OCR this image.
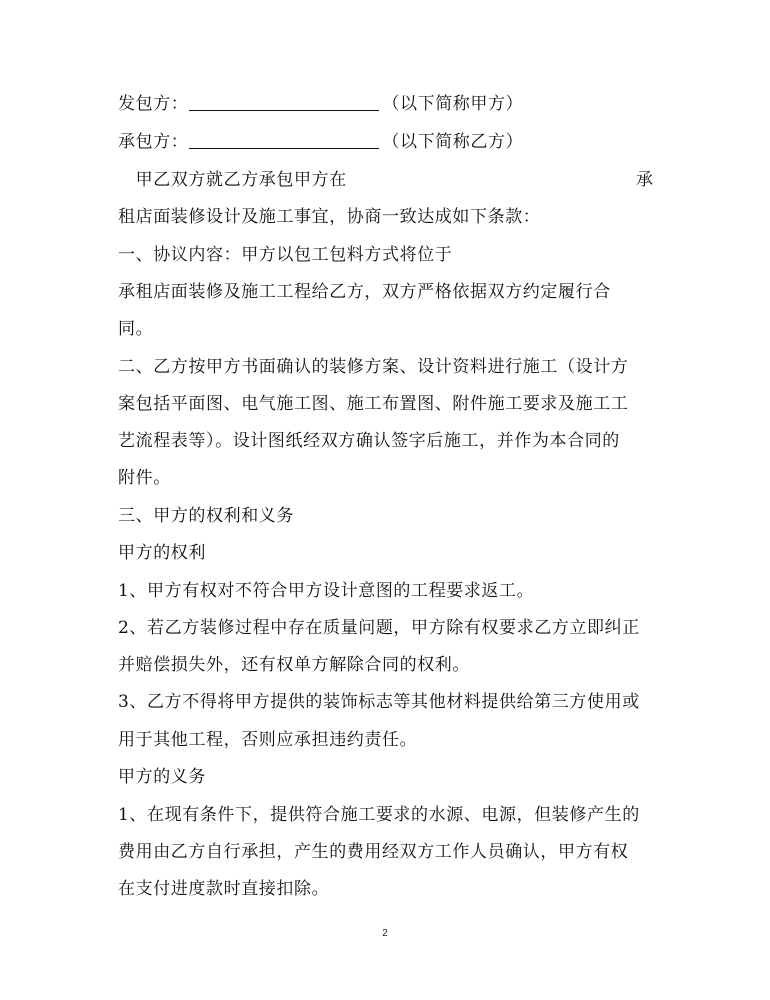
发包方：	（以下简称甲方）
承包方：	（以下简称乙方）
　甲乙双方就乙方承包甲方在	承
租店面装修设计及施工事宜，协商一致达成如下条款：
一、协议内容：甲方以包工包料方式将位于
承租店面装修及施工工程给乙方，双方严格依据双方约定履行合
同。
二、乙方按甲方书面确认的装修方案、设计资料进行施工（设计方
案包括平面图、电气施工图、施工布置图、附件施工要求及施工工
艺流程表等）。设计图纸经双方确认签字后施工，并作为本合同的
附件。
三、甲方的权利和义务
甲方的权利
1、甲方有权对不符合甲方设计意图的工程要求返工。
2、若乙方装修过程中存在质量问题，甲方除有权要求乙方立即纠正
并赔偿损失外，还有权单方解除合同的权利。
3、乙方不得将甲方提供的装饰标志等其他材料提供给第三方使用或
用于其他工程，否则应承担违约责任。
甲方的义务
1、在现有条件下，提供符合施工要求的水源、电源，但装修产生的
费用由乙方自行承担，产生的费用经双方工作人员确认，甲方有权
在支付进度款时直接扣除。
2
